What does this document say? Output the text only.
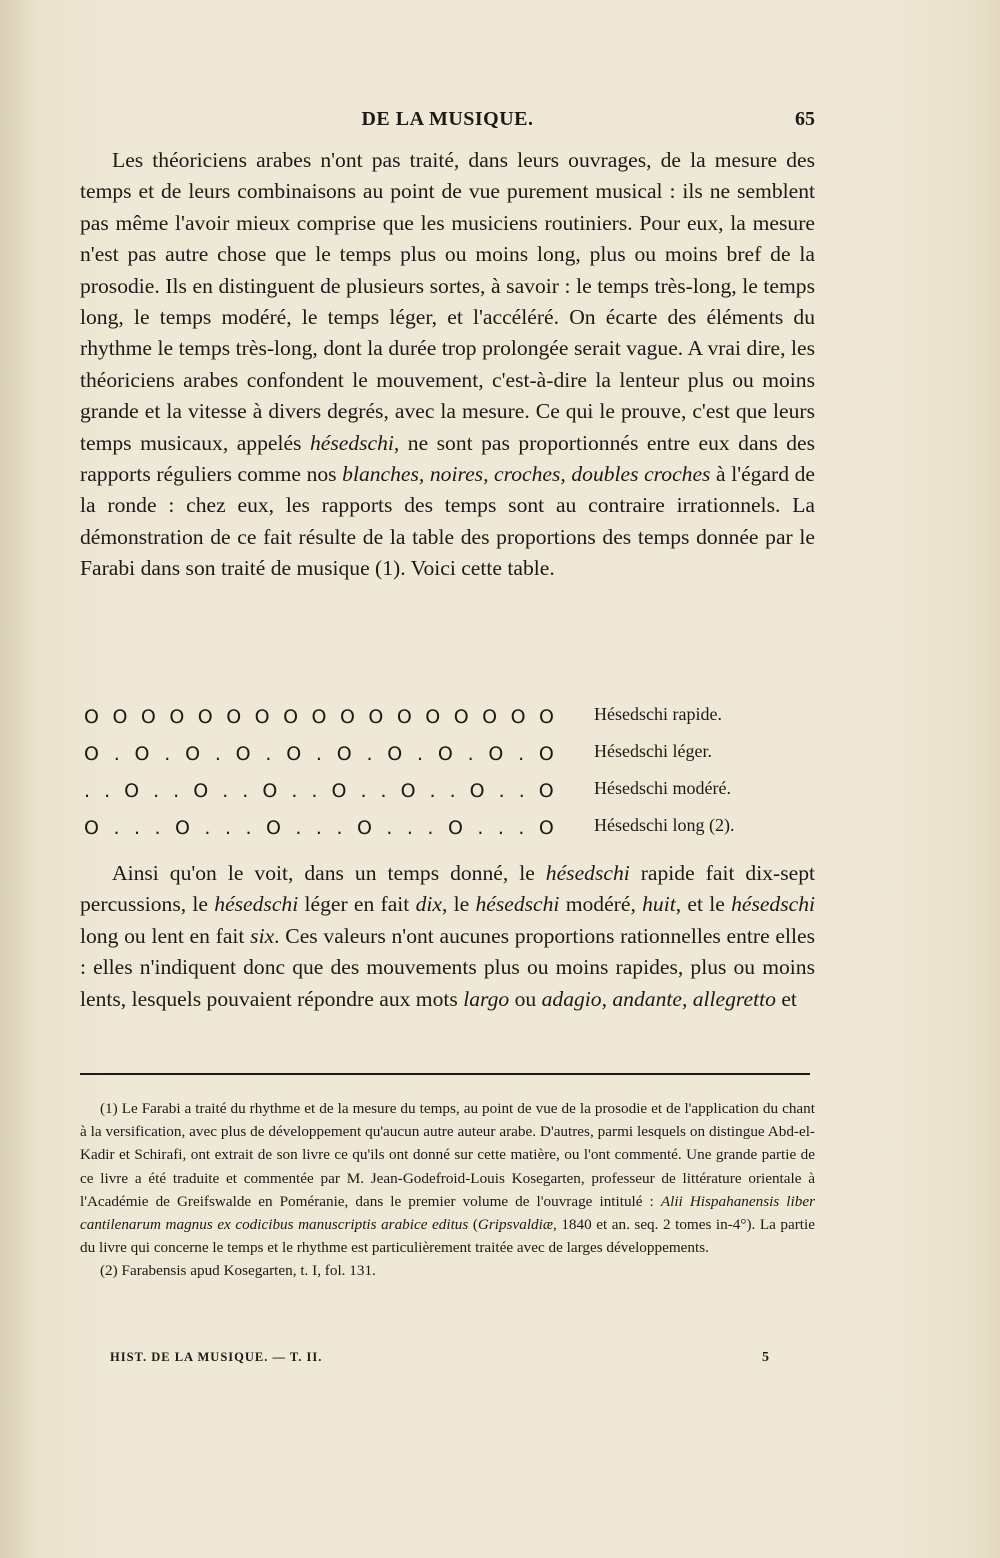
DE LA MUSIQUE.	65

Les théoriciens arabes n'ont pas traité, dans leurs ouvrages, de la mesure des temps et de leurs combinaisons au point de vue purement musical : ils ne semblent pas même l'avoir mieux comprise que les musiciens routiniers. Pour eux, la mesure n'est pas autre chose que le temps plus ou moins long, plus ou moins bref de la prosodie. Ils en distinguent de plusieurs sortes, à savoir : le temps très-long, le temps long, le temps modéré, le temps léger, et l'accéléré. On écarte des éléments du rhythme le temps très-long, dont la durée trop prolongée serait vague. A vrai dire, les théoriciens arabes confondent le mouvement, c'est-à-dire la lenteur plus ou moins grande et la vitesse à divers degrés, avec la mesure. Ce qui le prouve, c'est que leurs temps musicaux, appelés hésedschi, ne sont pas proportionnés entre eux dans des rapports réguliers comme nos blanches, noires, croches, doubles croches à l'égard de la ronde : chez eux, les rapports des temps sont au contraire irrationnels. La démonstration de ce fait résulte de la table des proportions des temps donnée par le Farabi dans son traité de musique (1). Voici cette table.

O O O O O O O O O O O O O O O O O Hésedschi rapide.
O . O . O . O . O . O . O . O . O . O Hésedschi léger.
. . O . . O . . O . . O . . O . . O . . O Hésedschi modéré.
O . . . O . . . O . . . O . . . O . . . O Hésedschi long (2).

Ainsi qu'on le voit, dans un temps donné, le hésedschi rapide fait dix-sept percussions, le hésedschi léger en fait dix, le hésedschi modéré, huit, et le hésedschi long ou lent en fait six. Ces valeurs n'ont aucunes proportions rationnelles entre elles : elles n'indiquent donc que des mouvements plus ou moins rapides, plus ou moins lents, lesquels pouvaient répondre aux mots largo ou adagio, andante, allegretto et

(1) Le Farabi a traité du rhythme et de la mesure du temps, au point de vue de la prosodie et de l'application du chant à la versification, avec plus de développement qu'aucun autre auteur arabe. D'autres, parmi lesquels on distingue Abd-el-Kadir et Schirafi, ont extrait de son livre ce qu'ils ont donné sur cette matière, ou l'ont commenté. Une grande partie de ce livre a été traduite et commentée par M. Jean-Godefroid-Louis Kosegarten, professeur de littérature orientale à l'Académie de Greifswalde en Poméranie, dans le premier volume de l'ouvrage intitulé : Alii Hispahanensis liber cantilenarum magnus ex codicibus manuscriptis arabice editus (Gripsvaldiæ, 1840 et an. seq. 2 tomes in-4°). La partie du livre qui concerne le temps et le rhythme est particulièrement traitée avec de larges développements.

(2) Farabensis apud Kosegarten, t. I, fol. 131.

HIST. DE LA MUSIQUE. — T. II.	5
